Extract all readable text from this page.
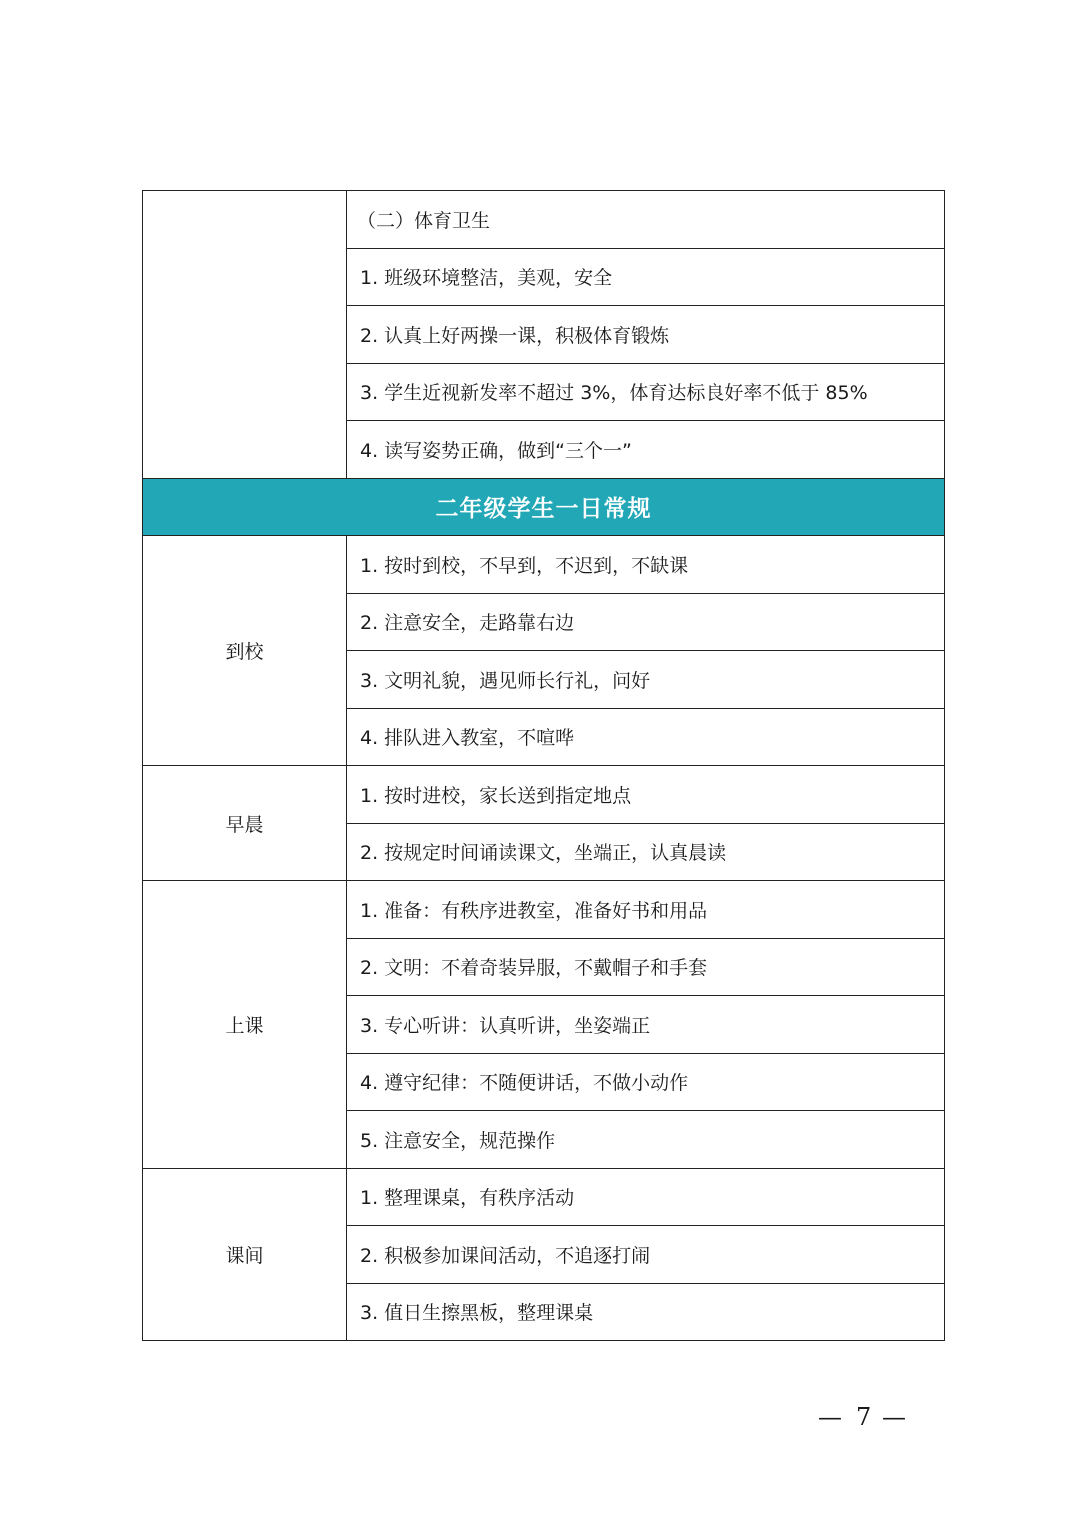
	（二）体育卫生
	1. 班级环境整洁，美观，安全
	2. 认真上好两操一课，积极体育锻炼
	3. 学生近视新发率不超过 3%，体育达标良好率不低于 85%
	4. 读写姿势正确，做到“三个一”
二年级学生一日常规	
到校	1. 按时到校，不早到，不迟到，不缺课
	2. 注意安全，走路靠右边
	3. 文明礼貌，遇见师长行礼，问好
	4. 排队进入教室，不喧哗
早晨	1. 按时进校，家长送到指定地点
	2. 按规定时间诵读课文，坐端正，认真晨读
上课	1. 准备：有秩序进教室，准备好书和用品
	2. 文明：不着奇装异服，不戴帽子和手套
	3. 专心听讲：认真听讲，坐姿端正
	4. 遵守纪律：不随便讲话，不做小动作
	5. 注意安全，规范操作
课间	1. 整理课桌，有秩序活动
	2. 积极参加课间活动，不追逐打闹
	3. 值日生擦黑板，整理课桌
— 7 —
